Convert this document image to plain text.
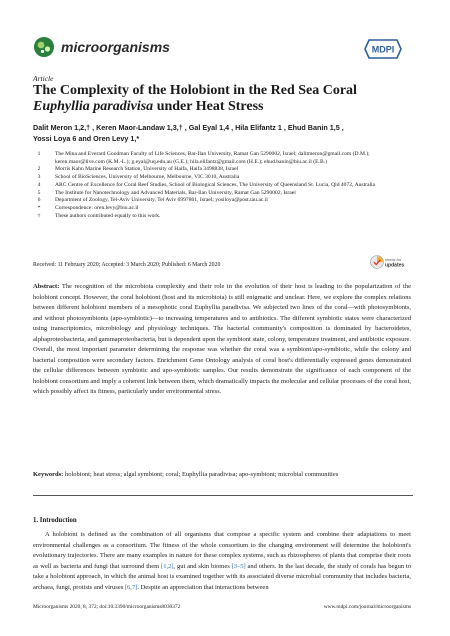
microorganisms	MDPI
Article
The Complexity of the Holobiont in the Red Sea Coral
Euphyllia paradivisa under Heat Stress
Dalit Meron 1,2,† , Keren Maor-Landaw 1,3,† , Gal Eyal 1,4 , Hila Elifantz 1 , Ehud Banin 1,5 ,
Yossi Loya 6 and Oren Levy 1,*
1	The Mina and Everard Goodman Faculty of Life Sciences, Bar-Ilan University, Ramat Gan 5290002, Israel; dalitmeron@gmail.com (D.M.); keren.maor@live.com (K.M.-L.); g.eyal@uq.edu.au (G.E.); hila.elifantz@gmail.com (H.E.); ehud.banin@biu.ac.il (E.B.)
2	Morris Kahn Marine Research Station, University of Haifa, Haifa 3498838, Israel
3	School of BioSciences, University of Melbourne, Melbourne, VIC 3010, Australia
4	ARC Centre of Excellence for Coral Reef Studies, School of Biological Sciences, The University of Queensland St. Lucia, Qld 4072, Australia
5	The Institute for Nanotechnology and Advanced Materials, Bar-Ilan University, Ramat Gan 5290002, Israel
6	Department of Zoology, Tel-Aviv University, Tel Aviv 6997801, Israel; yosiloya@post.tau.ac.il
*	Correspondence: oren.levy@biu.ac.il
†	These authors contributed equally to this work.
Received: 11 February 2020; Accepted: 3 March 2020; Published: 6 March 2020
check for
updates
Abstract: The recognition of the microbiota complexity and their role in the evolution of their host is leading to the popularization of the holobiont concept. However, the coral holobiont (host and its microbiota) is still enigmatic and unclear. Here, we explore the complex relations between different holobiont members of a mesophotic coral Euphyllia paradivisa. We subjected two lines of the coral—with photosymbionts, and without photosymbionts (apo-symbiotic)—to increasing temperatures and to antibiotics. The different symbiotic states were characterized using transcriptomics, microbiology and physiology techniques. The bacterial community's composition is dominated by bacteroidetes, alphaproteobacteria, and gammaproteobacteria, but is dependent upon the symbiont state, colony, temperature treatment, and antibiotic exposure. Overall, the most important parameter determining the response was whether the coral was a symbiont/apo-symbiotic, while the colony and bacterial composition were secondary factors. Enrichment Gene Ontology analysis of coral host's differentially expressed genes demonstrated the cellular differences between symbiotic and apo-symbiotic samples. Our results demonstrate the significance of each component of the holobiont consortium and imply a coherent link between them, which dramatically impacts the molecular and cellular processes of the coral host, which possibly affect its fitness, particularly under environmental stress.
Keywords: holobiont; heat stress; algal symbiont; coral; Euphyllia paradivisa; apo-symbiont; microbial communities
1. Introduction
A holobiont is defined as the combination of all organisms that compose a specific system and combine their adaptations to meet environmental challenges as a consortium. The fitness of the whole consortium to the changing environment will determine the holobiont's evolutionary trajectories. There are many examples in nature for these complex systems, such as rhizospheres of plants that comprise their roots as well as bacteria and fungi that surround them [1,2], gut and skin biomes [3–5] and others. In the last decade, the study of corals has begun to take a holobiont approach, in which the animal host is examined together with its associated diverse microbial community that includes bacteria, archaea, fungi, protists and viruses [6,7]. Despite an appreciation that interactions between
Microorganisms 2020, 8, 372; doi:10.3390/microorganisms8030372	www.mdpi.com/journal/microorganisms
